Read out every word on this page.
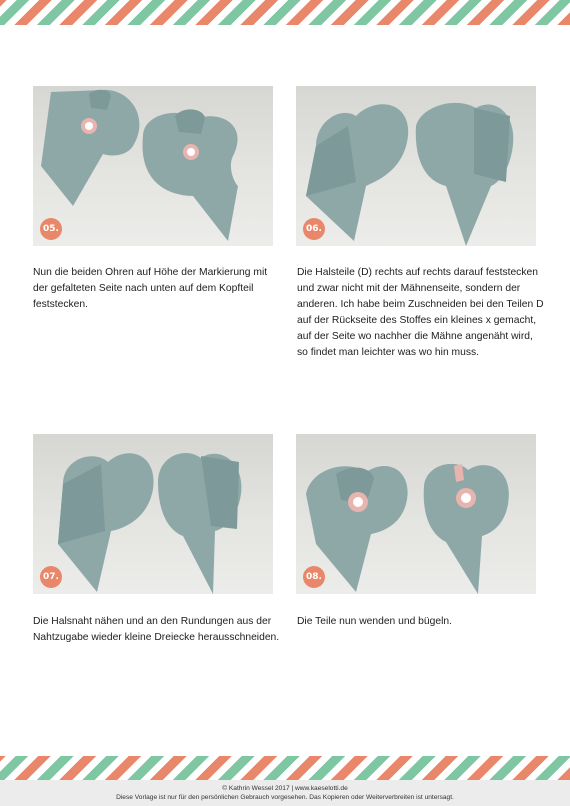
05.
Nun die beiden Ohren auf Höhe der Markierung mit der gefalteten Seite nach unten auf dem Kopfteil feststecken.
06.
Die Halsteile (D) rechts auf rechts darauf feststecken und zwar nicht mit der Mähnenseite, sondern der anderen. Ich habe beim Zuschneiden bei den Teilen D auf der Rückseite des Stoffes ein kleines x gemacht, auf der Seite wo nachher die Mähne angenäht wird, so findet man leichter was wo hin muss.
07.
Die Halsnaht nähen und an den Rundungen aus der Nahtzugabe wieder kleine Dreiecke herausschneiden.
08.
Die Teile nun wenden und bügeln.
© Kathrin Wessel 2017 | www.kaeselotti.de
Diese Vorlage ist nur für den persönlichen Gebrauch vorgesehen. Das Kopieren oder Weiterverbreiten ist untersagt.
